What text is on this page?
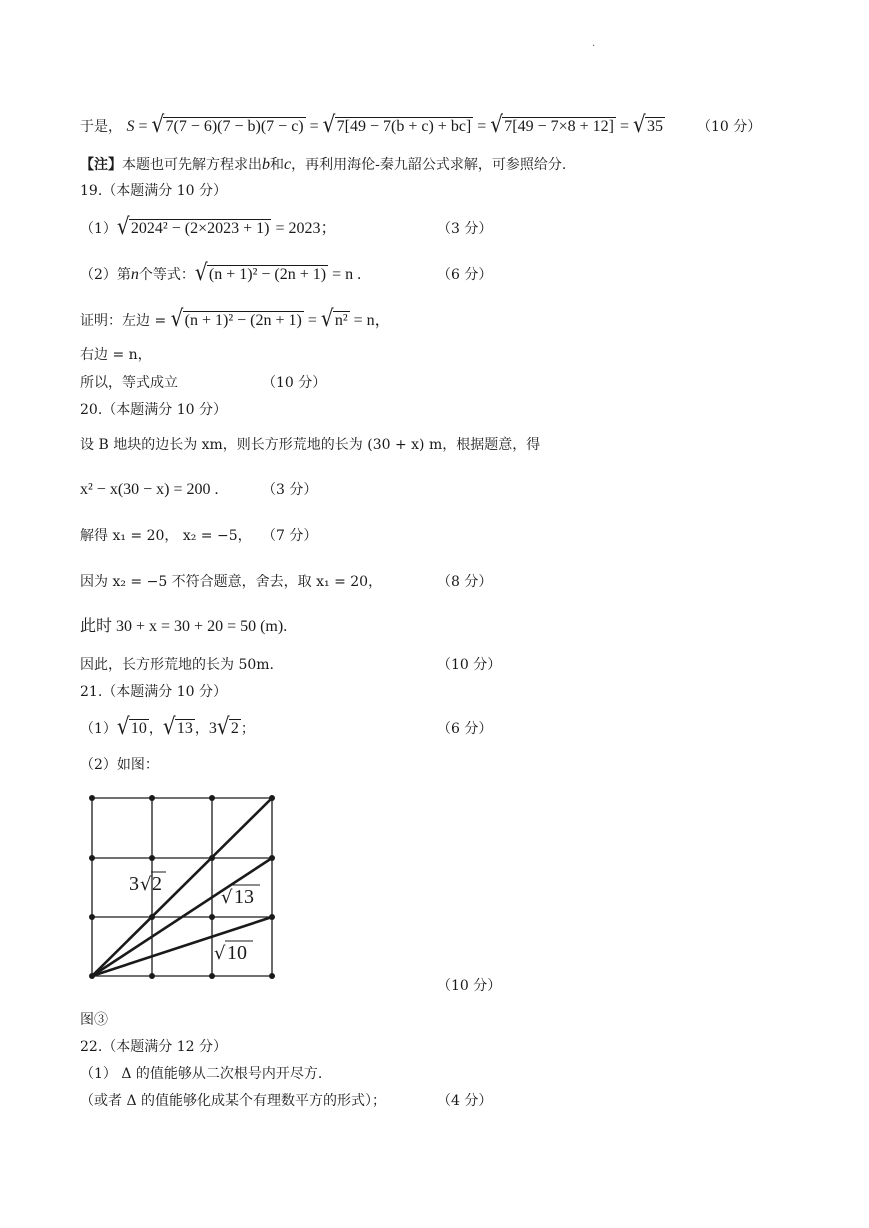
.
于是， S = √ 7(7 − 6)(7 − b)(7 − c) = √ 7[49 − 7(b + c) + bc] = √ 7[49 − 7×8 + 12] = √ 35 （10 分）
【注】本题也可先解方程求出b和c，再利用海伦-秦九韶公式求解，可参照给分.
19.（本题满分 10 分）
（1） √ 2024² − (2×2023 + 1) = 2023；	（3 分）
（2）第n个等式： √ (n + 1)² − (2n + 1) = n .	（6 分）
证明：左边 = √ (n + 1)² − (2n + 1) = √ n² = n，
右边 = n，
所以，等式成立	（10 分）
20.（本题满分 10 分）
设 B 地块的边长为 xm，则长方形荒地的长为 (30 + x) m，根据题意，得
x² − x(30 − x) = 200 .	（3 分）
解得 x₁ = 20， x₂ = −5， （7 分）
因为 x₂ = −5 不符合题意，舍去，取 x₁ = 20，	（8 分）
此时 30 + x = 30 + 20 = 50 (m).
因此，长方形荒地的长为 50m.	（10 分）
21.（本题满分 10 分）
（1） √ 10 ， √ 13 ，3 √ 2 ；	（6 分）
（2）如图：
3 √ 2
√ 13
√ 10
（10 分）
图③
22.（本题满分 12 分）
（1） Δ 的值能够从二次根号内开尽方.
（或者 Δ 的值能够化成某个有理数平方的形式）；	（4 分）
